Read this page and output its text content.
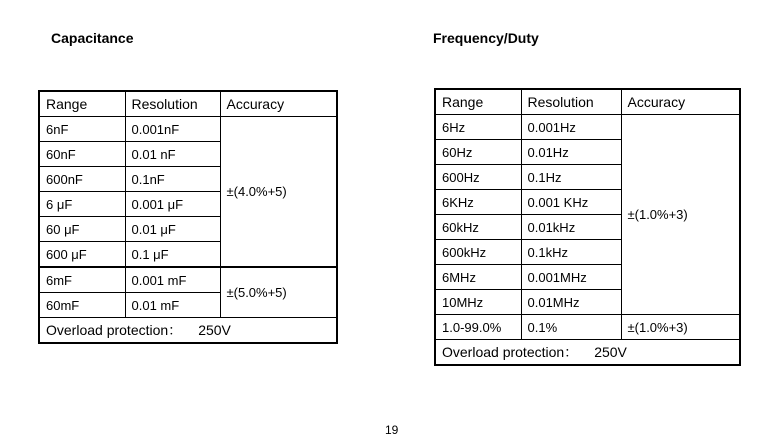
Capacitance
Range	Resolution	Accuracy
6nF	0.001nF	±(4.0%+5)
60nF	0.01 nF	
600nF	0.1nF	
6 μF	0.001 μF	
60 μF	0.01 μF	
600 μF	0.1 μF	
6mF	0.001 mF	±(5.0%+5)
60mF	0.01 mF	
Overload protection： 250V		
Frequency/Duty
Range	Resolution	Accuracy
6Hz	0.001Hz	±(1.0%+3)
60Hz	0.01Hz	
600Hz	0.1Hz	
6KHz	0.001 KHz	
60kHz	0.01kHz	
600kHz	0.1kHz	
6MHz	0.001MHz	
10MHz	0.01MHz	
1.0-99.0%	0.1%	±(1.0%+3)
Overload protection： 250V		

19
